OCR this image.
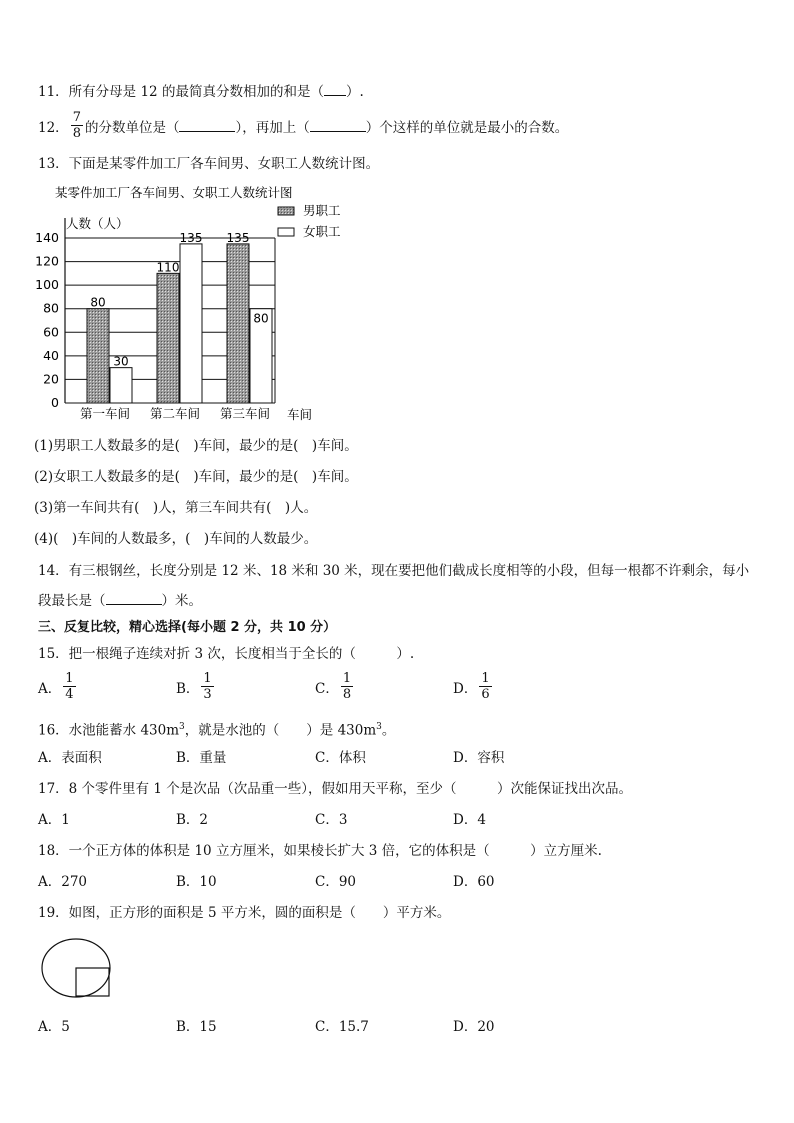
11．所有分母是 12 的最简真分数相加的和是（ ）.
12． $\frac{7}{8}$ 的分数单位是（	），再加上（	）个这样的单位就是最小的合数。
13．下面是某零件加工厂各车间男、女职工人数统计图。
某零件加工厂各车间男、女职工人数统计图
人数（人）
车间
0
20
40
60
80
100
120
140
80
30
第一车间
110
135
第二车间
135
80
第三车间
男职工
女职工
(1)男职工人数最多的是(　)车间，最少的是(　)车间。
(2)女职工人数最多的是(　)车间，最少的是(　)车间。
(3)第一车间共有(　)人，第三车间共有(　)人。
(4)(　)车间的人数最多，(　)车间的人数最少。
14．有三根钢丝，长度分别是 12 米、18 米和 30 米，现在要把他们截成长度相等的小段，但每一根都不许剩余，每小
段最长是（	）米。
三、反复比较，精心选择(每小题 2 分，共 10 分）
15．把一根绳子连续对折 3 次，长度相当于全长的（　　　）.
A． $\frac{1}{4}$	B． $\frac{1}{3}$	C． $\frac{1}{8}$	D． $\frac{1}{6}$
16．水池能蓄水 $430m^3$，就是水池的（　　）是 $430m^3$。
A．表面积	B．重量	C．体积	D．容积
17．8 个零件里有 1 个是次品（次品重一些），假如用天平称，至少（　　　）次能保证找出次品。
A．1	B．2	C．3	D．4
18．一个正方体的体积是 10 立方厘米，如果棱长扩大 3 倍，它的体积是（　　　）立方厘米.
A．270	B．10	C．90	D．60
19．如图，正方形的面积是 5 平方米，圆的面积是（　　）平方米。
A．5	B．15	C．15.7	D．20
